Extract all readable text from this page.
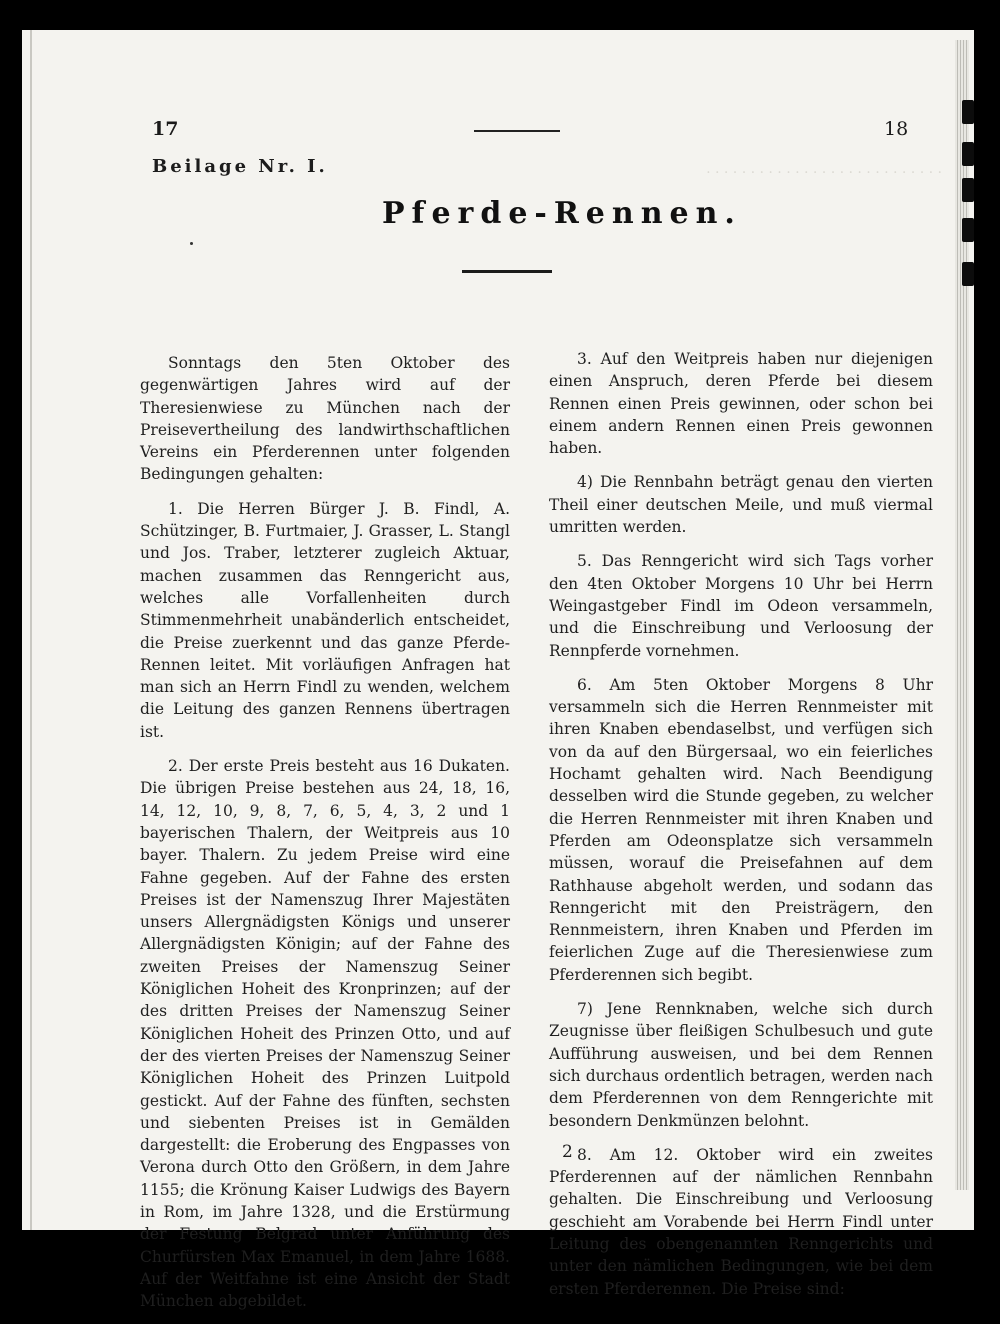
. . . . . . . . . . . . . . . . . . . . . . . . . . .
17	18
Beilage Nr. I.
Pferde-Rennen.

Sonntags den 5ten Oktober des gegenwärtigen Jahres wird auf der Theresienwiese zu München nach der Preisevertheilung des landwirthschaftlichen Vereins ein Pferderennen unter folgenden Bedingungen gehalten:

1. Die Herren Bürger J. B. Findl, A. Schützinger, B. Furtmaier, J. Grasser, L. Stangl und Jos. Traber, letzterer zugleich Aktuar, machen zusammen das Renngericht aus, welches alle Vorfallenheiten durch Stimmenmehrheit unabänderlich entscheidet, die Preise zuerkennt und das ganze Pferde-Rennen leitet. Mit vorläufigen Anfragen hat man sich an Herrn Findl zu wenden, welchem die Leitung des ganzen Rennens übertragen ist.

2. Der erste Preis besteht aus 16 Dukaten. Die übrigen Preise bestehen aus 24, 18, 16, 14, 12, 10, 9, 8, 7, 6, 5, 4, 3, 2 und 1 bayerischen Thalern, der Weitpreis aus 10 bayer. Thalern. Zu jedem Preise wird eine Fahne gegeben. Auf der Fahne des ersten Preises ist der Namenszug Ihrer Majestäten unsers Allergnädigsten Königs und unserer Allergnädigsten Königin; auf der Fahne des zweiten Preises der Namenszug Seiner Königlichen Hoheit des Kronprinzen; auf der des dritten Preises der Namenszug Seiner Königlichen Hoheit des Prinzen Otto, und auf der des vierten Preises der Namenszug Seiner Königlichen Hoheit des Prinzen Luitpold gestickt. Auf der Fahne des fünften, sechsten und siebenten Preises ist in Gemälden dargestellt: die Eroberung des Engpasses von Verona durch Otto den Größern, in dem Jahre 1155; die Krönung Kaiser Ludwigs des Bayern in Rom, im Jahre 1328, und die Erstürmung der Festung Belgrad unter Anführung des Churfürsten Max Emanuel, in dem Jahre 1688. Auf der Weitfahne ist eine Ansicht der Stadt München abgebildet.

3. Auf den Weitpreis haben nur diejenigen einen Anspruch, deren Pferde bei diesem Rennen einen Preis gewinnen, oder schon bei einem andern Rennen einen Preis gewonnen haben.

4) Die Rennbahn beträgt genau den vierten Theil einer deutschen Meile, und muß viermal umritten werden.

5. Das Renngericht wird sich Tags vorher den 4ten Oktober Morgens 10 Uhr bei Herrn Weingastgeber Findl im Odeon versammeln, und die Einschreibung und Verloosung der Rennpferde vornehmen.

6. Am 5ten Oktober Morgens 8 Uhr versammeln sich die Herren Rennmeister mit ihren Knaben ebendaselbst, und verfügen sich von da auf den Bürgersaal, wo ein feierliches Hochamt gehalten wird. Nach Beendigung desselben wird die Stunde gegeben, zu welcher die Herren Rennmeister mit ihren Knaben und Pferden am Odeonsplatze sich versammeln müssen, worauf die Preisefahnen auf dem Rathhause abgeholt werden, und sodann das Renngericht mit den Preisträgern, den Rennmeistern, ihren Knaben und Pferden im feierlichen Zuge auf die Theresienwiese zum Pferderennen sich begibt.

7) Jene Rennknaben, welche sich durch Zeugnisse über fleißigen Schulbesuch und gute Aufführung ausweisen, und bei dem Rennen sich durchaus ordentlich betragen, werden nach dem Pferderennen von dem Renngerichte mit besondern Denkmünzen belohnt.

8. Am 12. Oktober wird ein zweites Pferderennen auf der nämlichen Rennbahn gehalten. Die Einschreibung und Verloosung geschieht am Vorabende bei Herrn Findl unter Leitung des obengenannten Renngerichts und unter den nämlichen Bedingungen, wie bei dem ersten Pferderennen. Die Preise sind:

2
